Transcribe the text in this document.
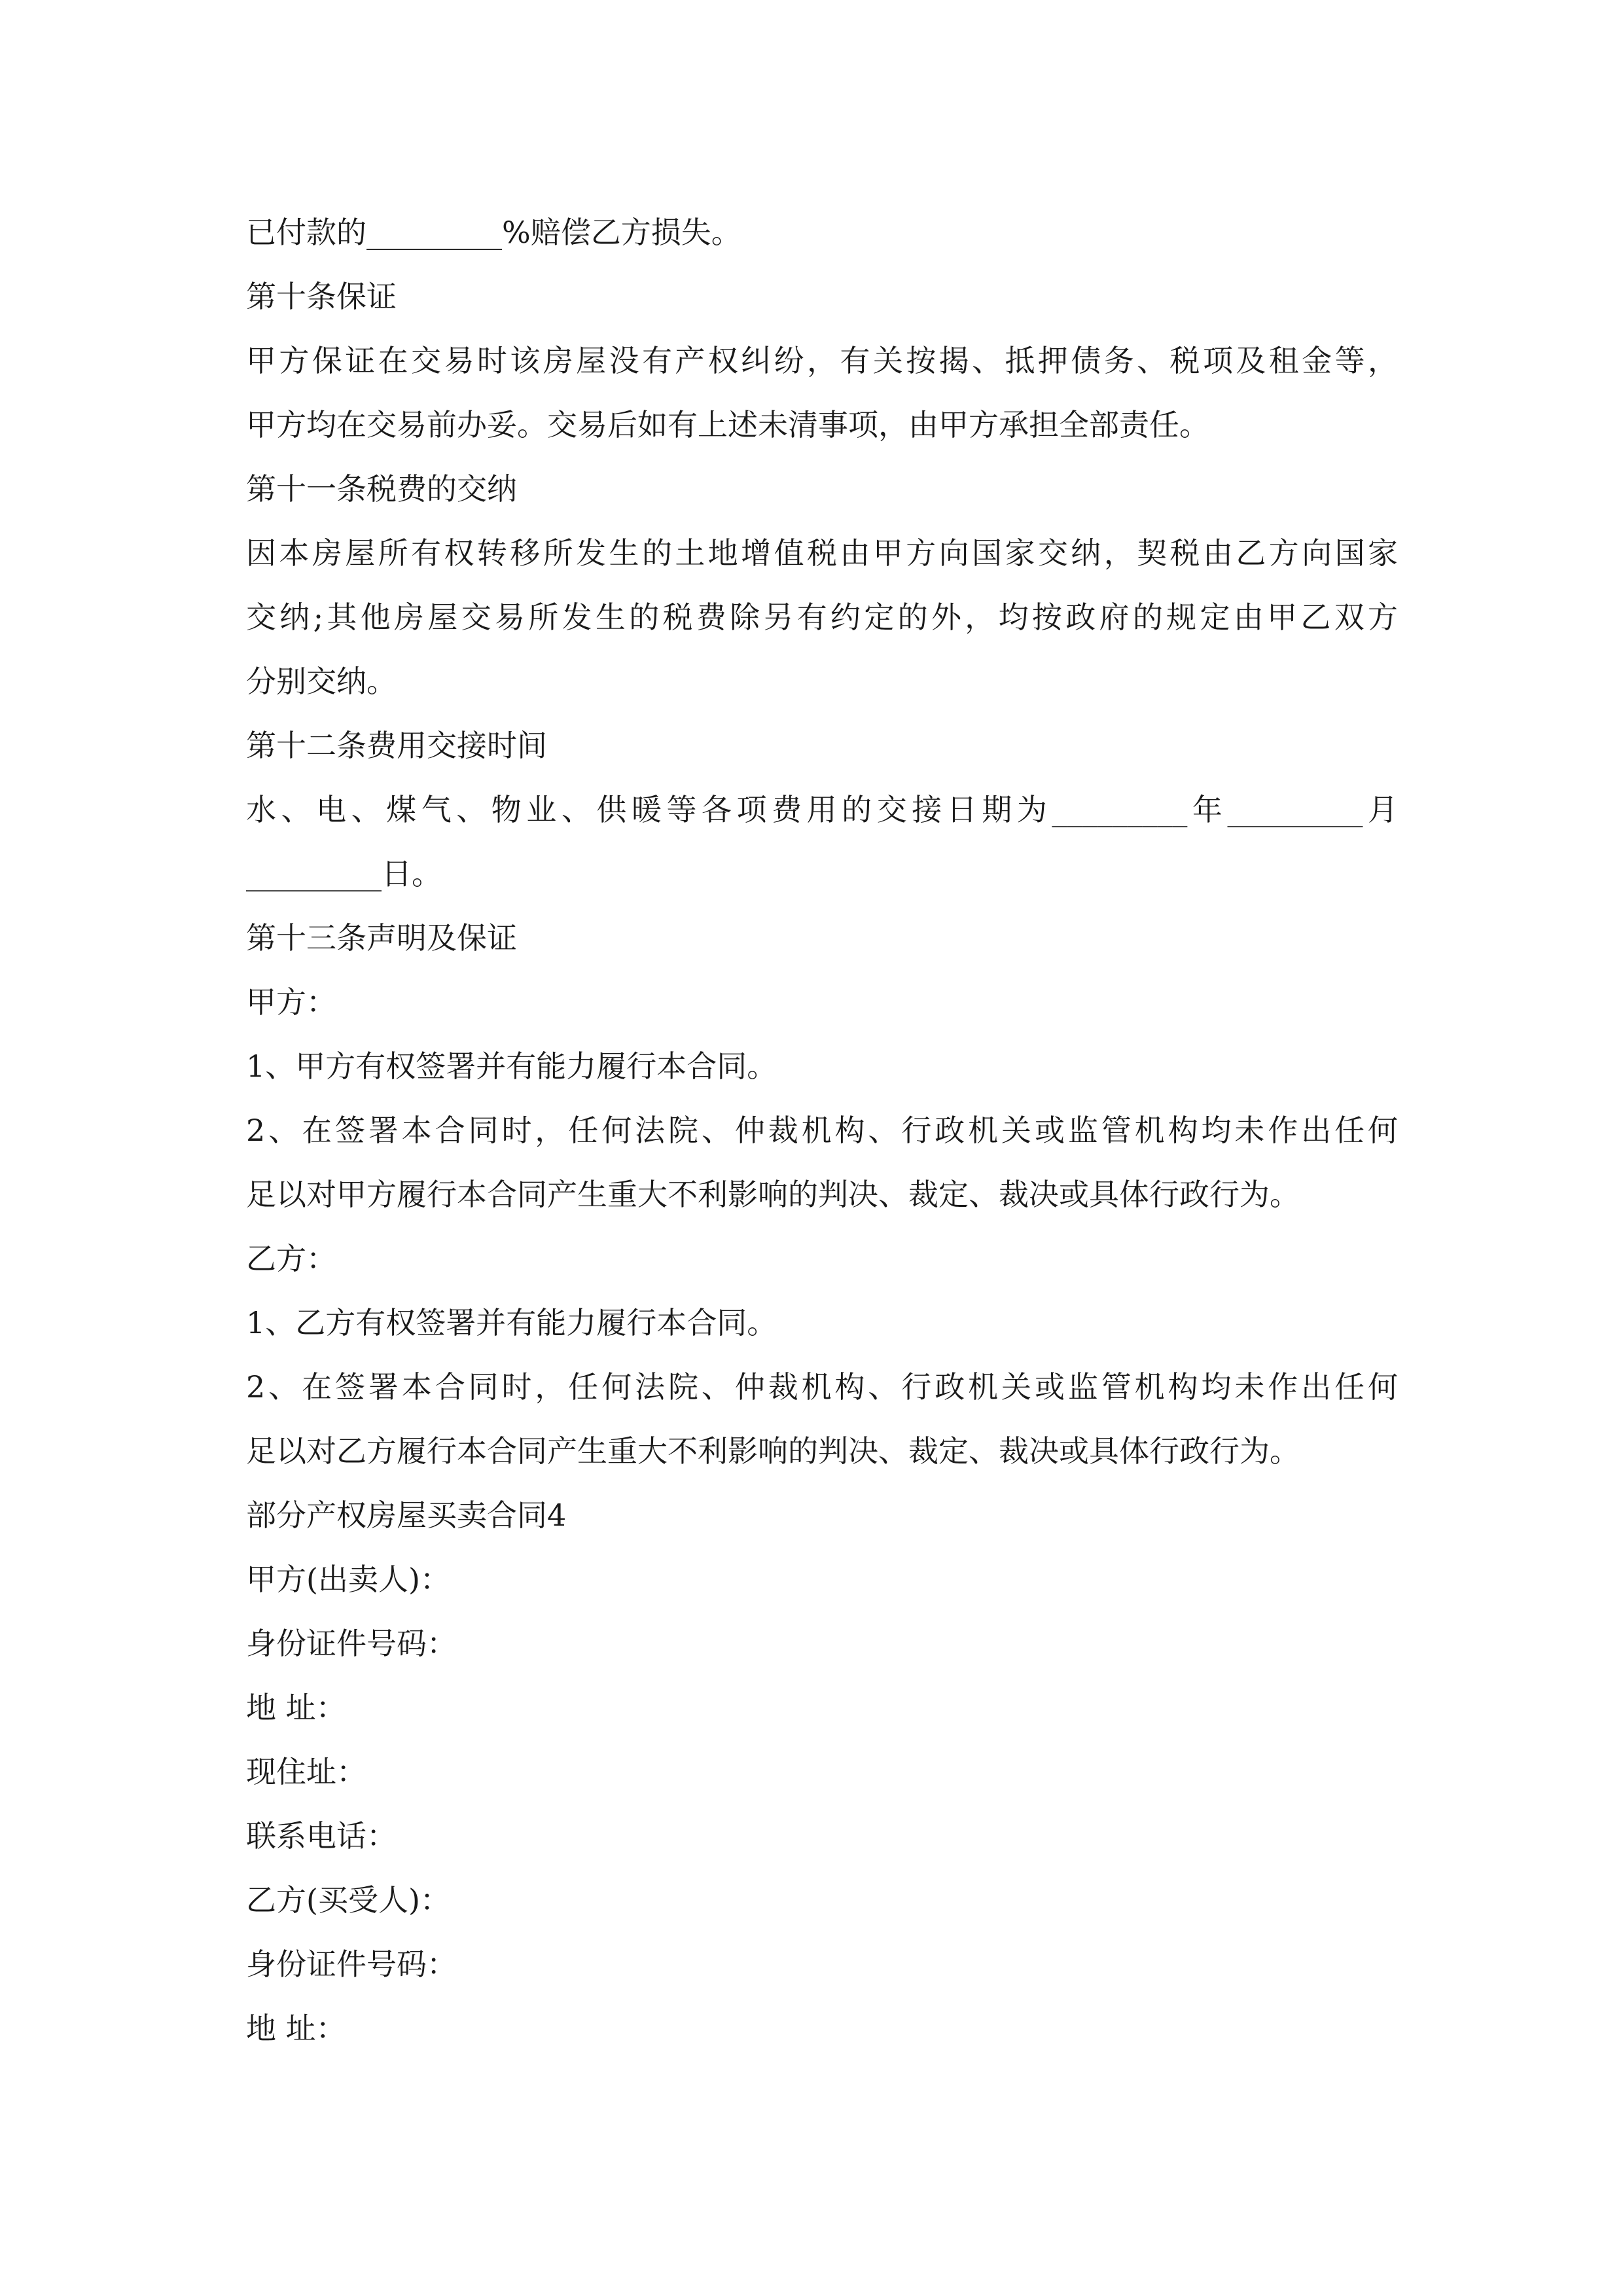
已付款的_________%赔偿乙方损失。
第十条保证
甲方保证在交易时该房屋没有产权纠纷，有关按揭、抵押债务、税项及租金等，
甲方均在交易前办妥。交易后如有上述未清事项，由甲方承担全部责任。
第十一条税费的交纳
因本房屋所有权转移所发生的土地增值税由甲方向国家交纳，契税由乙方向国家
交纳;其他房屋交易所发生的税费除另有约定的外，均按政府的规定由甲乙双方
分别交纳。
第十二条费用交接时间
水、电、煤气、物业、供暖等各项费用的交接日期为_________年_________月
_________日。
第十三条声明及保证
甲方：
1、甲方有权签署并有能力履行本合同。
2、在签署本合同时，任何法院、仲裁机构、行政机关或监管机构均未作出任何
足以对甲方履行本合同产生重大不利影响的判决、裁定、裁决或具体行政行为。
乙方：
1、乙方有权签署并有能力履行本合同。
2、在签署本合同时，任何法院、仲裁机构、行政机关或监管机构均未作出任何
足以对乙方履行本合同产生重大不利影响的判决、裁定、裁决或具体行政行为。
部分产权房屋买卖合同4
甲方(出卖人)：
身份证件号码：
地 址：
现住址：
联系电话：
乙方(买受人)：
身份证件号码：
地 址：
